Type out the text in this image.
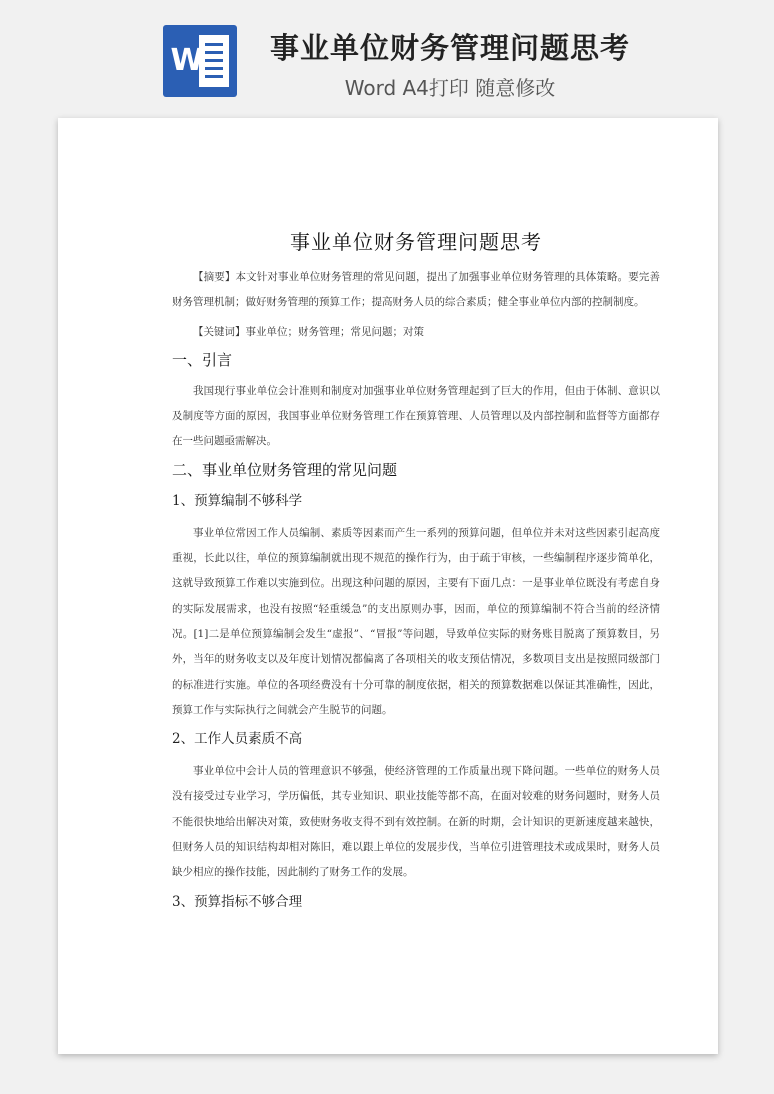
W	事业单位财务管理问题思考
Word A4打印 随意修改
事业单位财务管理问题思考

【摘要】本文针对事业单位财务管理的常见问题，提出了加强事业单位财务管理的具体策略。要完善财务管理机制；做好财务管理的预算工作；提高财务人员的综合素质；健全事业单位内部的控制制度。

【关键词】事业单位；财务管理；常见问题；对策

一、引言

我国现行事业单位会计准则和制度对加强事业单位财务管理起到了巨大的作用，但由于体制、意识以及制度等方面的原因，我国事业单位财务管理工作在预算管理、人员管理以及内部控制和监督等方面都存在一些问题亟需解决。

二、事业单位财务管理的常见问题
1、预算编制不够科学

事业单位常因工作人员编制、素质等因素而产生一系列的预算问题，但单位并未对这些因素引起高度重视，长此以往，单位的预算编制就出现不规范的操作行为，由于疏于审核，一些编制程序逐步简单化，这就导致预算工作难以实施到位。出现这种问题的原因，主要有下面几点：一是事业单位既没有考虑自身的实际发展需求，也没有按照“轻重缓急”的支出原则办事，因而，单位的预算编制不符合当前的经济情况。[1]二是单位预算编制会发生“虚报”、“冒报”等问题，导致单位实际的财务账目脱离了预算数目，另外，当年的财务收支以及年度计划情况都偏离了各项相关的收支预估情况，多数项目支出是按照同级部门的标准进行实施。单位的各项经费没有十分可靠的制度依据，相关的预算数据难以保证其准确性，因此，预算工作与实际执行之间就会产生脱节的问题。

2、工作人员素质不高

事业单位中会计人员的管理意识不够强，使经济管理的工作质量出现下降问题。一些单位的财务人员没有接受过专业学习，学历偏低，其专业知识、职业技能等都不高，在面对较难的财务问题时，财务人员不能很快地给出解决对策，致使财务收支得不到有效控制。在新的时期，会计知识的更新速度越来越快，但财务人员的知识结构却相对陈旧，难以跟上单位的发展步伐，当单位引进管理技术或成果时，财务人员缺少相应的操作技能，因此制约了财务工作的发展。

3、预算指标不够合理
